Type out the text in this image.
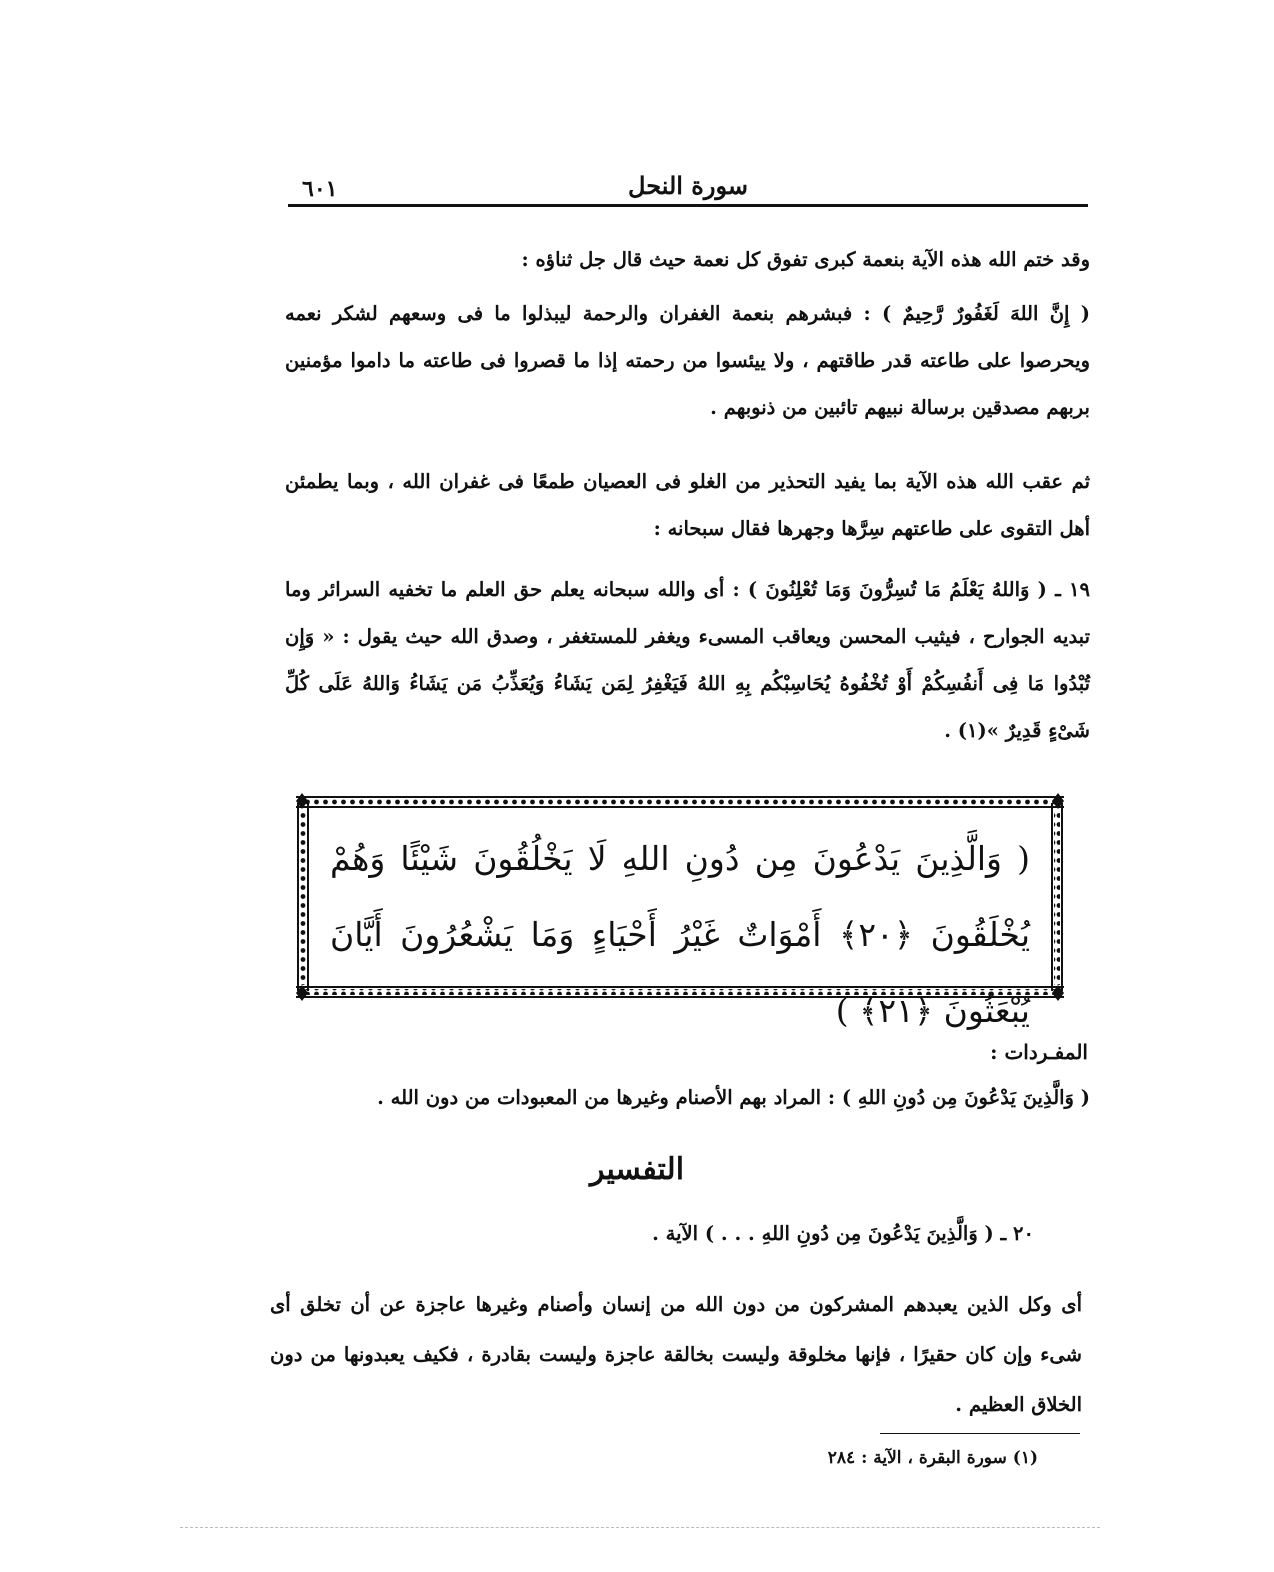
سورة النحل
٦٠١

وقد ختم الله هذه الآية بنعمة كبرى تفوق كل نعمة حيث قال جل ثناؤه :

( إِنَّ اللهَ لَغَفُورٌ رَّحِيمٌ ) : فبشرهم بنعمة الغفران والرحمة ليبذلوا ما فى وسعهم لشكر نعمه ويحرصوا على طاعته قدر طاقتهم ، ولا ييئسوا من رحمته إذا ما قصروا فى طاعته ما داموا مؤمنين بربهم مصدقين برسالة نبيهم تائبين من ذنوبهم .

ثم عقب الله هذه الآية بما يفيد التحذير من الغلو فى العصيان طمعًا فى غفران الله ، وبما يطمئن أهل التقوى على طاعتهم سِرَّها وجهرها فقال سبحانه :

١٩ ـ ( وَاللهُ يَعْلَمُ مَا تُسِرُّونَ وَمَا تُعْلِنُونَ ) : أى والله سبحانه يعلم حق العلم ما تخفيه السرائر وما تبديه الجوارح ، فيثيب المحسن ويعاقب المسىء ويغفر للمستغفر ، وصدق الله حيث يقول : « وَإِن تُبْدُوا مَا فِى أَنفُسِكُمْ أَوْ تُخْفُوهُ يُحَاسِبْكُم بِهِ اللهُ فَيَغْفِرُ لِمَن يَشَاءُ وَيُعَذِّبُ مَن يَشَاءُ وَاللهُ عَلَى كُلِّ شَىْءٍ قَدِيرٌ »(١) .

( وَالَّذِينَ يَدْعُونَ مِن دُونِ اللهِ لَا يَخْلُقُونَ شَيْئًا وَهُمْ يُخْلَقُونَ ﴿٢٠﴾ أَمْوَاتٌ غَيْرُ أَحْيَاءٍ وَمَا يَشْعُرُونَ أَيَّانَ يُبْعَثُونَ ﴿٢١﴾ )
المفـردات :
( وَالَّذِينَ يَدْعُونَ مِن دُونِ اللهِ ) : المراد بهم الأصنام وغيرها من المعبودات من دون الله .
التفسير
٢٠ ـ ( وَالَّذِينَ يَدْعُونَ مِن دُونِ اللهِ . . . ) الآية .
أى وكل الذين يعبدهم المشركون من دون الله من إنسان وأصنام وغيرها عاجزة عن أن تخلق أى شىء وإن كان حقيرًا ، فإنها مخلوقة وليست بخالقة عاجزة وليست بقادرة ، فكيف يعبدونها من دون الخلاق العظيم .
(١) سورة البقرة ، الآية : ٢٨٤
